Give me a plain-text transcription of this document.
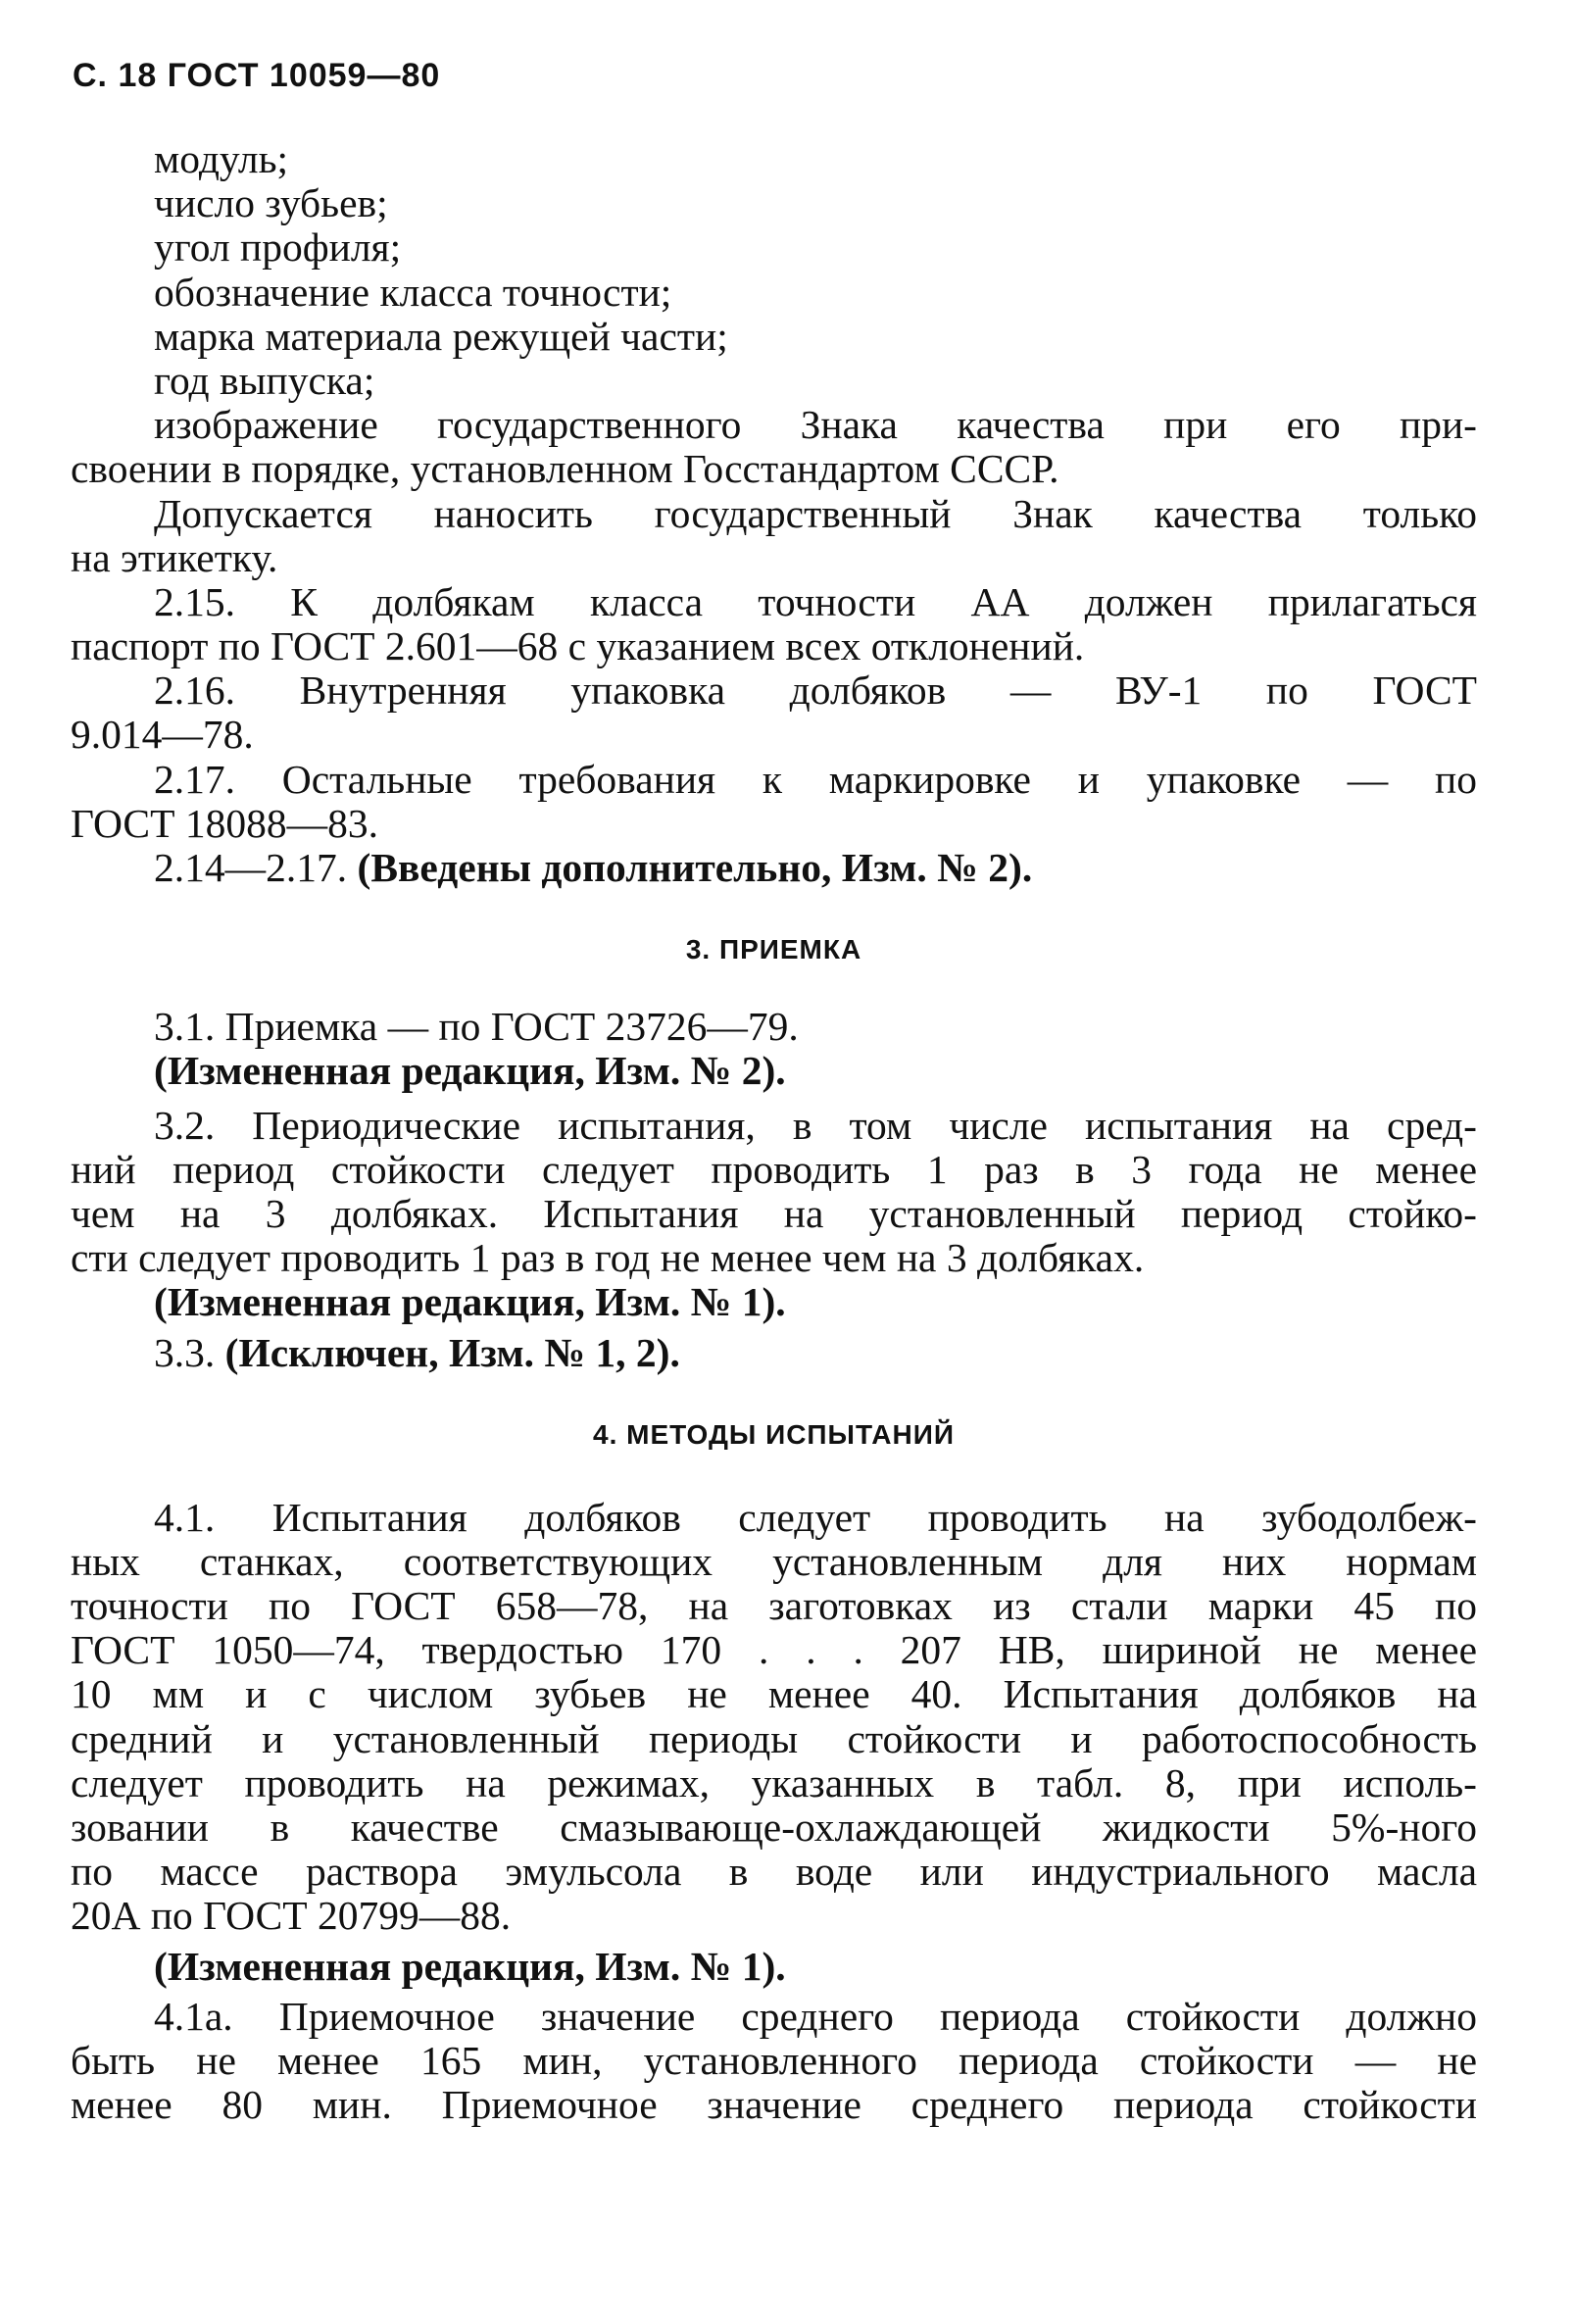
С. 18 ГОСТ 10059—80
модуль;
число зубьев;
угол профиля;
обозначение класса точности;
марка материала режущей части;
год выпуска;
изображение государственного Знака качества при его при-
своении в порядке, установленном Госстандартом СССР.
Допускается наносить государственный Знак качества только
на этикетку.
2.15. К долбякам класса точности АА должен прилагаться
паспорт по ГОСТ 2.601—68 с указанием всех отклонений.
2.16. Внутренняя упаковка долбяков — ВУ-1 по ГОСТ
9.014—78.
2.17. Остальные требования к маркировке и упаковке — по
ГОСТ 18088—83.
2.14—2.17. (Введены дополнительно, Изм. № 2).
3. ПРИЕМКА
3.1. Приемка — по ГОСТ 23726—79.
(Измененная редакция, Изм. № 2).
3.2. Периодические испытания, в том числе испытания на сред-
ний период стойкости следует проводить 1 раз в 3 года не менее
чем на 3 долбяках. Испытания на установленный период стойко-
сти следует проводить 1 раз в год не менее чем на 3 долбяках.
(Измененная редакция, Изм. № 1).
3.3. (Исключен, Изм. № 1, 2).
4. МЕТОДЫ ИСПЫТАНИЙ
4.1. Испытания долбяков следует проводить на зубодолбеж-
ных станках, соответствующих установленным для них нормам
точности по ГОСТ 658—78, на заготовках из стали марки 45 по
ГОСТ 1050—74, твердостью 170 . . . 207 НВ, шириной не менее
10 мм и с числом зубьев не менее 40. Испытания долбяков на
средний и установленный периоды стойкости и работоспособность
следует проводить на режимах, указанных в табл. 8, при исполь-
зовании в качестве смазывающе-охлаждающей жидкости 5%-ного
по массе раствора эмульсола в воде или индустриального масла
20А по ГОСТ 20799—88.
(Измененная редакция, Изм. № 1).
4.1а. Приемочное значение среднего периода стойкости должно
быть не менее 165 мин, установленного периода стойкости — не
менее 80 мин. Приемочное значение среднего периода стойкости
